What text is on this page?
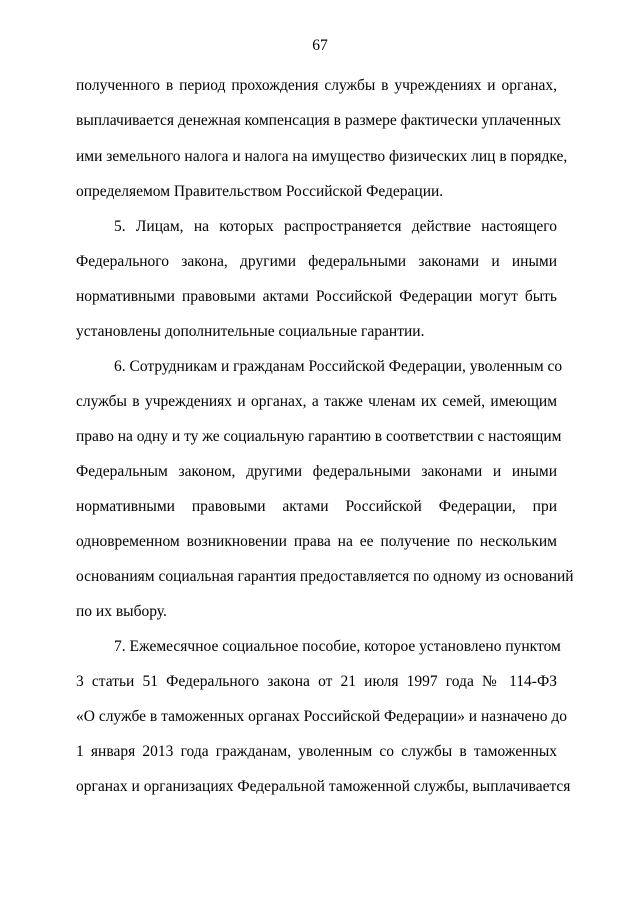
67
полученного в период прохождения службы в учреждениях и органах,
выплачивается денежная компенсация в размере фактически уплаченных
ими земельного налога и налога на имущество физических лиц в порядке,
определяемом Правительством Российской Федерации.
5. Лицам, на которых распространяется действие настоящего
Федерального закона, другими федеральными законами и иными
нормативными правовыми актами Российской Федерации могут быть
установлены дополнительные социальные гарантии.
6. Сотрудникам и гражданам Российской Федерации, уволенным со
службы в учреждениях и органах, а также членам их семей, имеющим
право на одну и ту же социальную гарантию в соответствии с настоящим
Федеральным законом, другими федеральными законами и иными
нормативными правовыми актами Российской Федерации, при
одновременном возникновении права на ее получение по нескольким
основаниям социальная гарантия предоставляется по одному из оснований
по их выбору.
7. Ежемесячное социальное пособие, которое установлено пунктом
3 статьи 51 Федерального закона от 21 июля 1997 года № 114-ФЗ
«О службе в таможенных органах Российской Федерации» и назначено до
1 января 2013 года гражданам, уволенным со службы в таможенных
органах и организациях Федеральной таможенной службы, выплачивается
